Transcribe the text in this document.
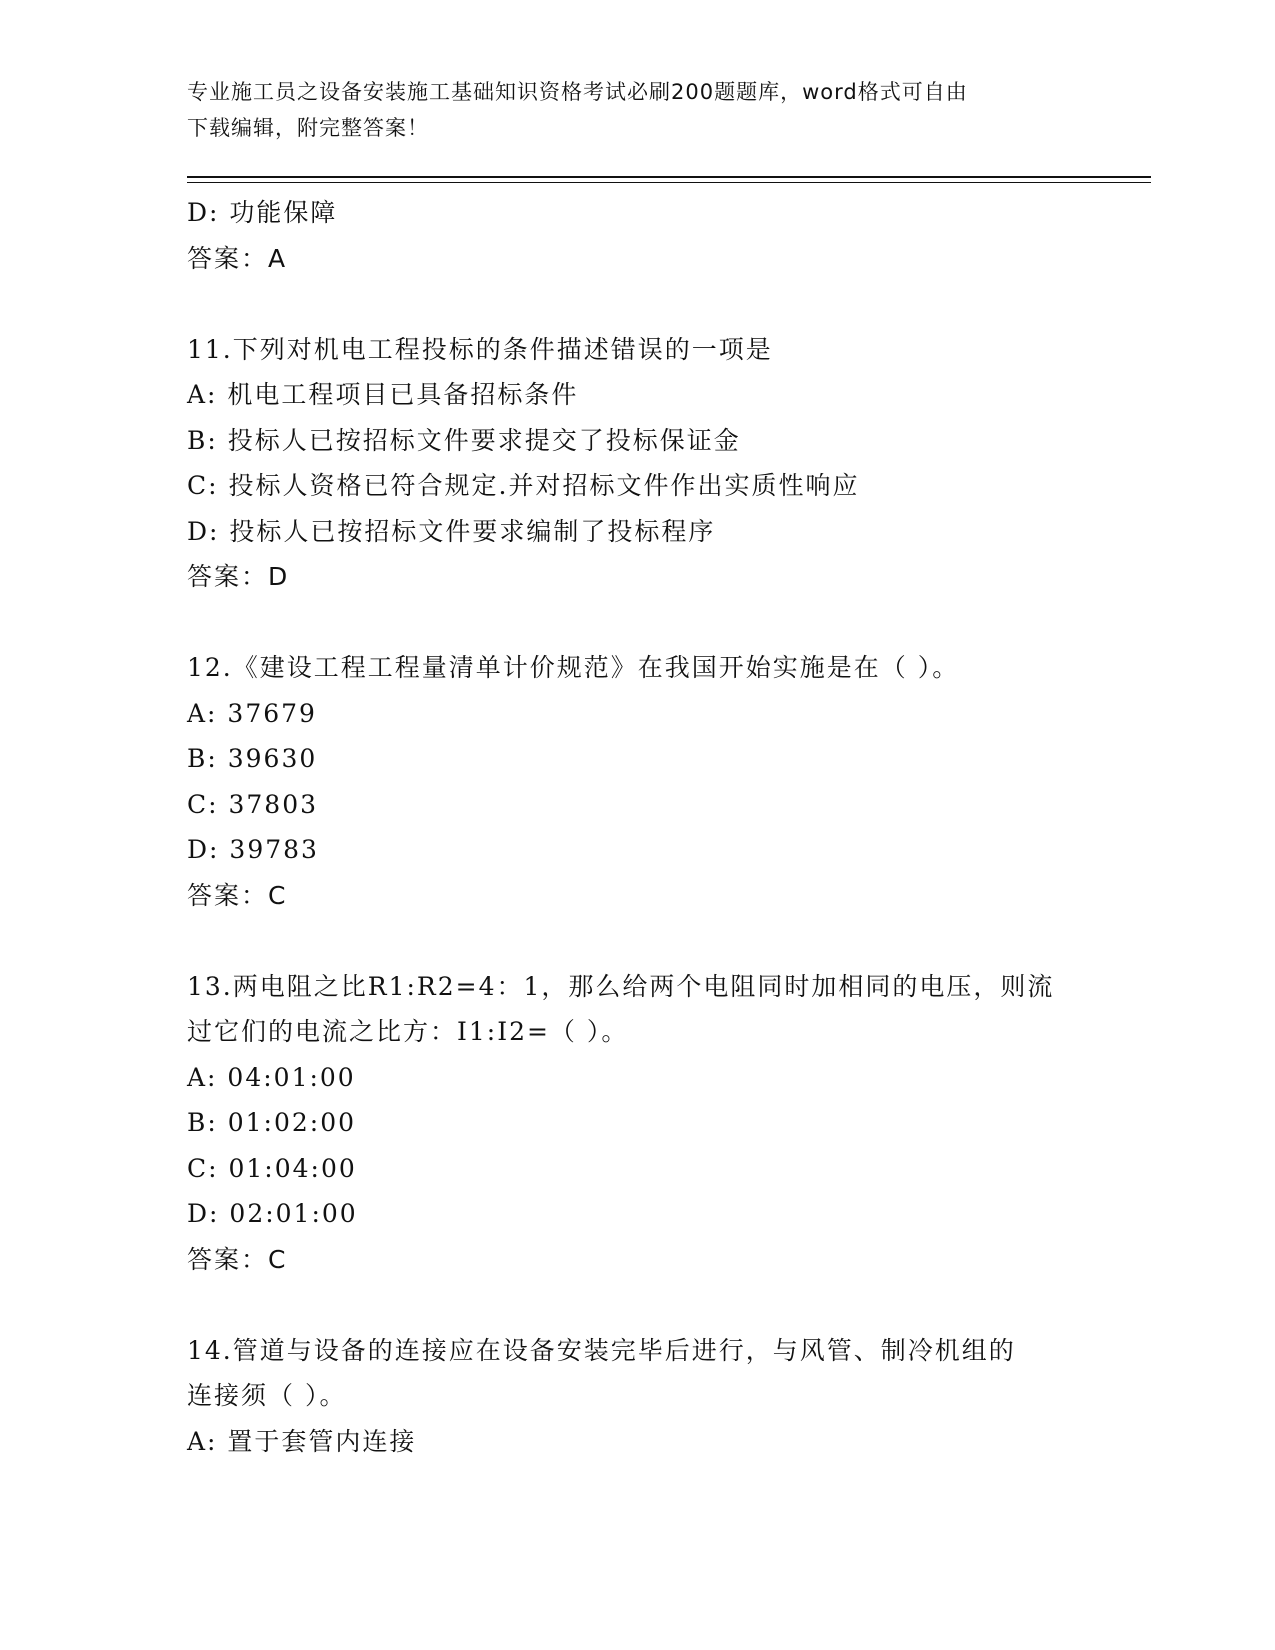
专业施工员之设备安装施工基础知识资格考试必刷200题题库，word格式可自由
下载编辑，附完整答案！
D: 功能保障
答案：A
11.下列对机电工程投标的条件描述错误的一项是
A: 机电工程项目已具备招标条件
B: 投标人已按招标文件要求提交了投标保证金
C: 投标人资格已符合规定.并对招标文件作出实质性响应
D: 投标人已按招标文件要求编制了投标程序
答案：D
12.《建设工程工程量清单计价规范》在我国开始实施是在（ ）。
A: 37679
B: 39630
C: 37803
D: 39783
答案：C
13.两电阻之比R1:R2=4：1，那么给两个电阻同时加相同的电压，则流
过它们的电流之比方：I1:I2=（ ）。
A: 04:01:00
B: 01:02:00
C: 01:04:00
D: 02:01:00
答案：C
14.管道与设备的连接应在设备安装完毕后进行，与风管、制冷机组的
连接须（ ）。
A: 置于套管内连接
